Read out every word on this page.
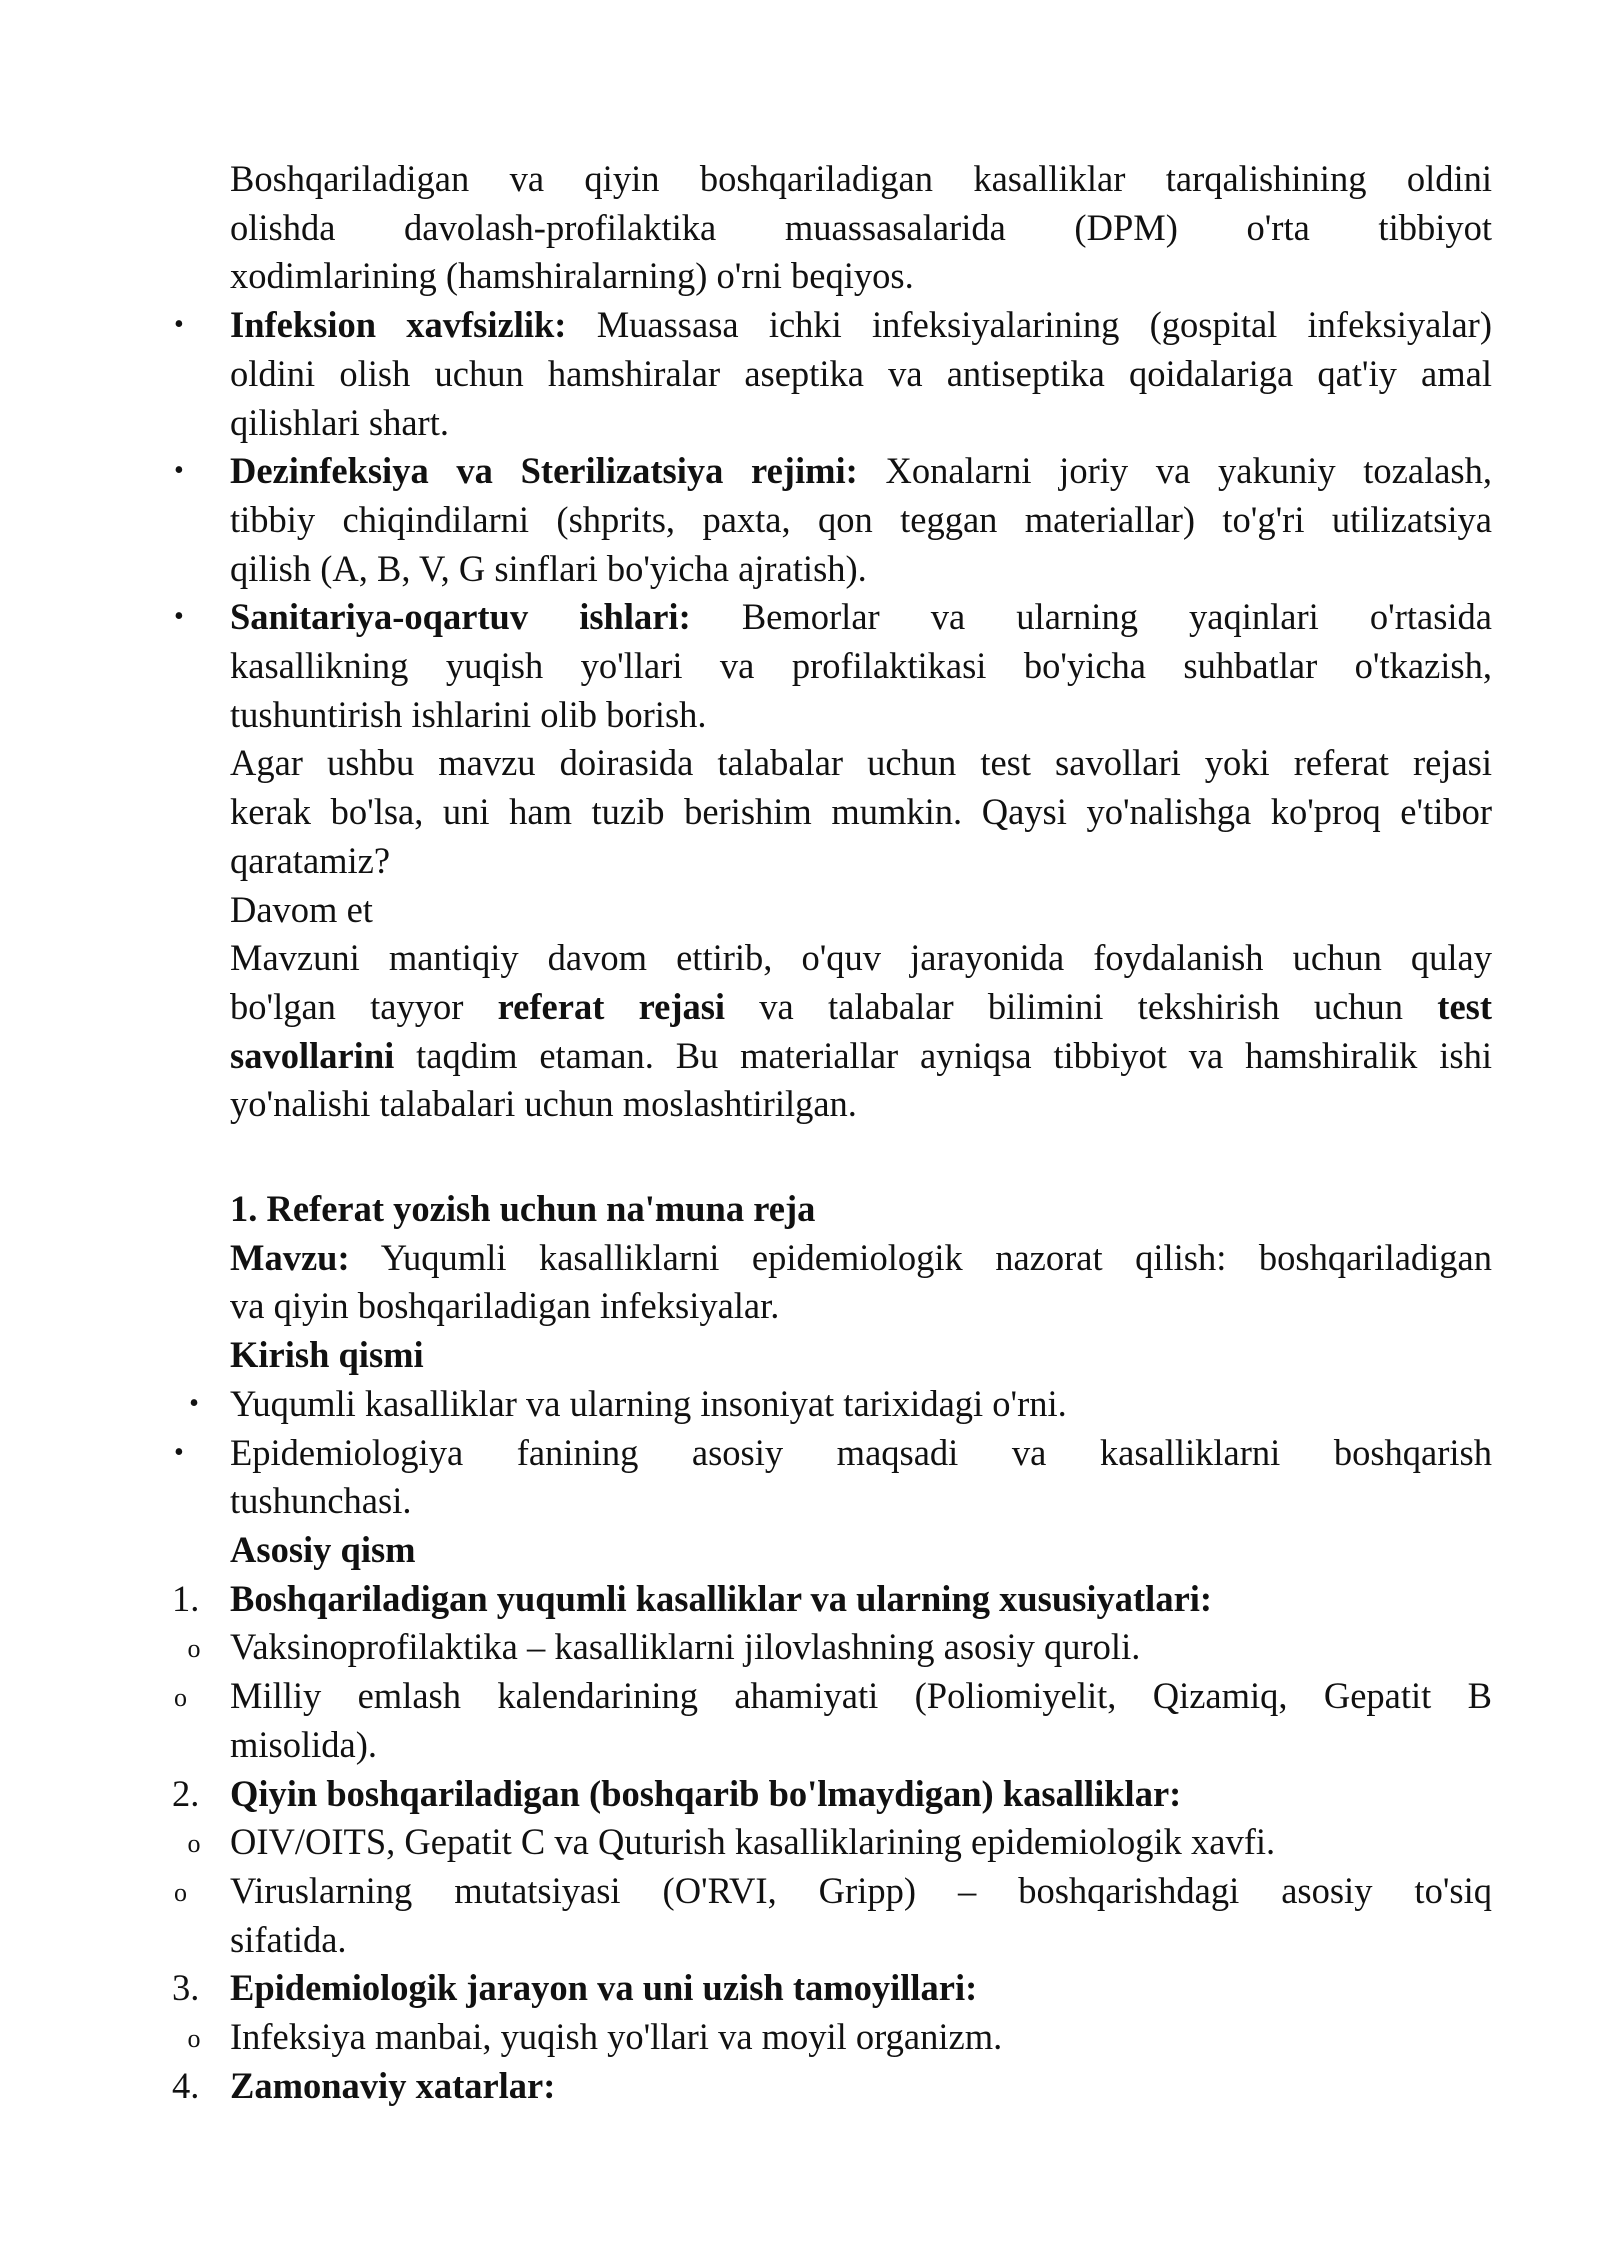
Boshqariladigan va qiyin boshqariladigan kasalliklar tarqalishining oldini
olishda davolash-profilaktika muassasalarida (DPM) o'rta tibbiyot
xodimlarining (hamshiralarning) o'rni beqiyos.
•	Infeksion xavfsizlik: Muassasa ichki infeksiyalarining (gospital infeksiyalar)
oldini olish uchun hamshiralar aseptika va antiseptika qoidalariga qat'iy amal
qilishlari shart.
•	Dezinfeksiya va Sterilizatsiya rejimi: Xonalarni joriy va yakuniy tozalash,
tibbiy chiqindilarni (shprits, paxta, qon teggan materiallar) to'g'ri utilizatsiya
qilish (A, B, V, G sinflari bo'yicha ajratish).
•	Sanitariya-oqartuv ishlari: Bemorlar va ularning yaqinlari o'rtasida
kasallikning yuqish yo'llari va profilaktikasi bo'yicha suhbatlar o'tkazish,
tushuntirish ishlarini olib borish.
Agar ushbu mavzu doirasida talabalar uchun test savollari yoki referat rejasi
kerak bo'lsa, uni ham tuzib berishim mumkin. Qaysi yo'nalishga ko'proq e'tibor
qaratamiz?
Davom et
Mavzuni mantiqiy davom ettirib, o'quv jarayonida foydalanish uchun qulay
bo'lgan tayyor referat rejasi va talabalar bilimini tekshirish uchun test
savollarini taqdim etaman. Bu materiallar ayniqsa tibbiyot va hamshiralik ishi
yo'nalishi talabalari uchun moslashtirilgan.
1. Referat yozish uchun na'muna reja
Mavzu: Yuqumli kasalliklarni epidemiologik nazorat qilish: boshqariladigan
va qiyin boshqariladigan infeksiyalar.
Kirish qismi
• Yuqumli kasalliklar va ularning insoniyat tarixidagi o'rni.
•	Epidemiologiya fanining asosiy maqsadi va kasalliklarni boshqarish
tushunchasi.
Asosiy qism
1. Boshqariladigan yuqumli kasalliklar va ularning xususiyatlari:
o Vaksinoprofilaktika – kasalliklarni jilovlashning asosiy quroli.
o	Milliy emlash kalendarining ahamiyati (Poliomiyelit, Qizamiq, Gepatit B
misolida).
2. Qiyin boshqariladigan (boshqarib bo'lmaydigan) kasalliklar:
o OIV/OITS, Gepatit C va Quturish kasalliklarining epidemiologik xavfi.
o	Viruslarning mutatsiyasi (O'RVI, Gripp) – boshqarishdagi asosiy to'siq
sifatida.
3. Epidemiologik jarayon va uni uzish tamoyillari:
o Infeksiya manbai, yuqish yo'llari va moyil organizm.
4. Zamonaviy xatarlar:
